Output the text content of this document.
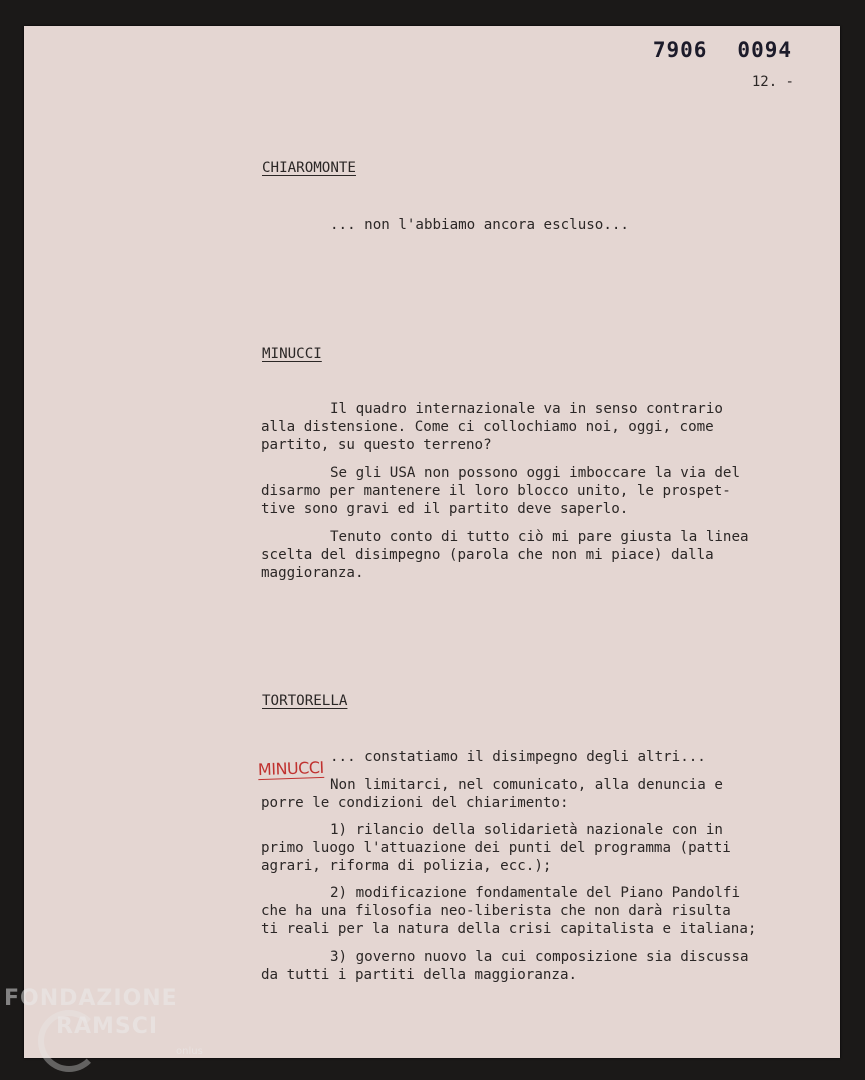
7906 0094
12. -
CHIAROMONTE
... non l'abbiamo ancora escluso...
MINUCCI
Il quadro internazionale va in senso contrario
alla distensione. Come ci collochiamo noi, oggi, come
partito, su questo terreno?
Se gli USA non possono oggi imboccare la via del
disarmo per mantenere il loro blocco unito, le prospet-
tive sono gravi ed il partito deve saperlo.
Tenuto conto di tutto ciò mi pare giusta la linea
scelta del disimpegno (parola che non mi piace) dalla
maggioranza.
TORTORELLA
... constatiamo il disimpegno degli altri...
MINUCCI
Non limitarci, nel comunicato, alla denuncia e
porre le condizioni del chiarimento:
1) rilancio della solidarietà nazionale con in
primo luogo l'attuazione dei punti del programma (patti
agrari, riforma di polizia, ecc.);
2) modificazione fondamentale del Piano Pandolfi
che ha una filosofia neo-liberista che non darà risulta
ti reali per la natura della crisi capitalista e italiana;
3) governo nuovo la cui composizione sia discussa
da tutti i partiti della maggioranza.
FONDAZIONE
RAMSCI
onlus
